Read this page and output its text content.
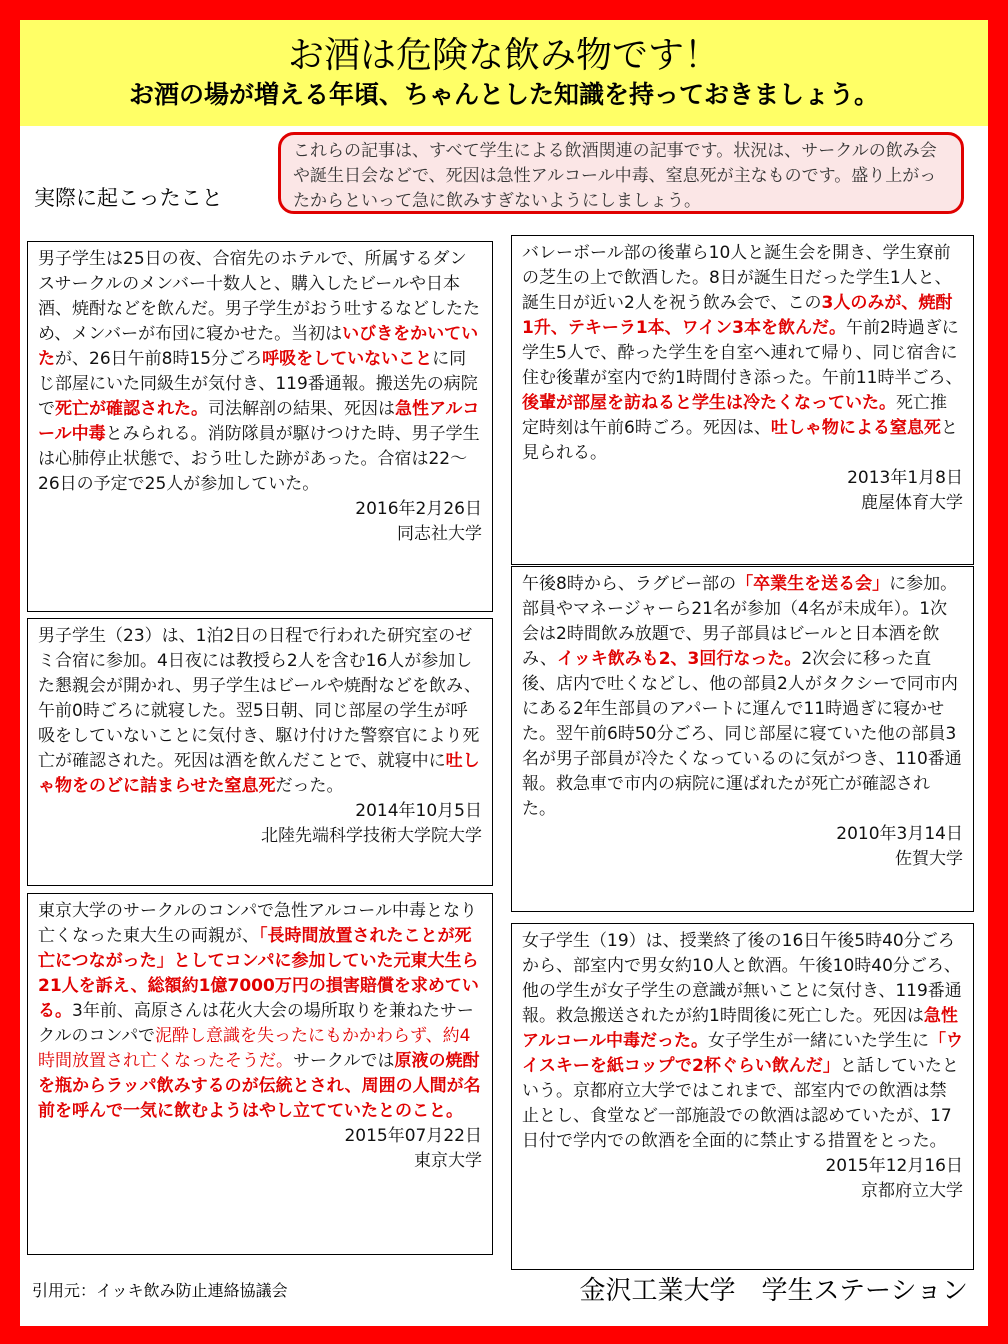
お酒は危険な飲み物です！
お酒の場が増える年頃、ちゃんとした知識を持っておきましょう。
実際に起こったこと
これらの記事は、すべて学生による飲酒関連の記事です。状況は、サークルの飲み会や誕生日会などで、死因は急性アルコール中毒、窒息死が主なものです。盛り上がったからといって急に飲みすぎないようにしましょう。

男子学生は25日の夜、合宿先のホテルで、所属するダンスサークルのメンバー十数人と、購入したビールや日本酒、焼酎などを飲んだ。男子学生がおう吐するなどしたため、メンバーが布団に寝かせた。当初はいびきをかいていたが、26日午前8時15分ごろ呼吸をしていないことに同じ部屋にいた同級生が気付き、119番通報。搬送先の病院で死亡が確認された。司法解剖の結果、死因は急性アルコール中毒とみられる。消防隊員が駆けつけた時、男子学生は心肺停止状態で、おう吐した跡があった。合宿は22〜26日の予定で25人が参加していた。

2016年2月26日

同志社大学

男子学生（23）は、1泊2日の日程で行われた研究室のゼミ合宿に参加。4日夜には教授ら2人を含む16人が参加した懇親会が開かれ、男子学生はビールや焼酎などを飲み、午前0時ごろに就寝した。翌5日朝、同じ部屋の学生が呼吸をしていないことに気付き、駆け付けた警察官により死亡が確認された。死因は酒を飲んだことで、就寝中に吐しゃ物をのどに詰まらせた窒息死だった。

2014年10月5日

北陸先端科学技術大学院大学

東京大学のサークルのコンパで急性アルコール中毒となり亡くなった東大生の両親が、「長時間放置されたことが死亡につながった」としてコンパに参加していた元東大生ら21人を訴え、総額約1億7000万円の損害賠償を求めている。3年前、高原さんは花火大会の場所取りを兼ねたサークルのコンパで泥酔し意識を失ったにもかかわらず、約4時間放置され亡くなったそうだ。サークルでは原液の焼酎を瓶からラッパ飲みするのが伝統とされ、周囲の人間が名前を呼んで一気に飲むようはやし立てていたとのこと。

2015年07月22日

東京大学

バレーボール部の後輩ら10人と誕生会を開き、学生寮前の芝生の上で飲酒した。8日が誕生日だった学生1人と、誕生日が近い2人を祝う飲み会で、この3人のみが、焼酎1升、テキーラ1本、ワイン3本を飲んだ。午前2時過ぎに学生5人で、酔った学生を自室へ連れて帰り、同じ宿舎に住む後輩が室内で約1時間付き添った。午前11時半ごろ、後輩が部屋を訪ねると学生は冷たくなっていた。死亡推定時刻は午前6時ごろ。死因は、吐しゃ物による窒息死と見られる。

2013年1月8日

鹿屋体育大学

午後8時から、ラグビー部の「卒業生を送る会」に参加。部員やマネージャーら21名が参加（4名が未成年）。1次会は2時間飲み放題で、男子部員はビールと日本酒を飲み、イッキ飲みも2、3回行なった。2次会に移った直後、店内で吐くなどし、他の部員2人がタクシーで同市内にある2年生部員のアパートに運んで11時過ぎに寝かせた。翌午前6時50分ごろ、同じ部屋に寝ていた他の部員3名が男子部員が冷たくなっているのに気がつき、110番通報。救急車で市内の病院に運ばれたが死亡が確認された。

2010年3月14日

佐賀大学

女子学生（19）は、授業終了後の16日午後5時40分ごろから、部室内で男女約10人と飲酒。午後10時40分ごろ、他の学生が女子学生の意識が無いことに気付き、119番通報。救急搬送されたが約1時間後に死亡した。死因は急性アルコール中毒だった。女子学生が一緒にいた学生に「ウイスキーを紙コップで2杯ぐらい飲んだ」と話していたという。京都府立大学ではこれまで、部室内での飲酒は禁止とし、食堂など一部施設での飲酒は認めていたが、17日付で学内での飲酒を全面的に禁止する措置をとった。

2015年12月16日

京都府立大学

引用元：イッキ飲み防止連絡協議会	金沢工業大学　学生ステーション
